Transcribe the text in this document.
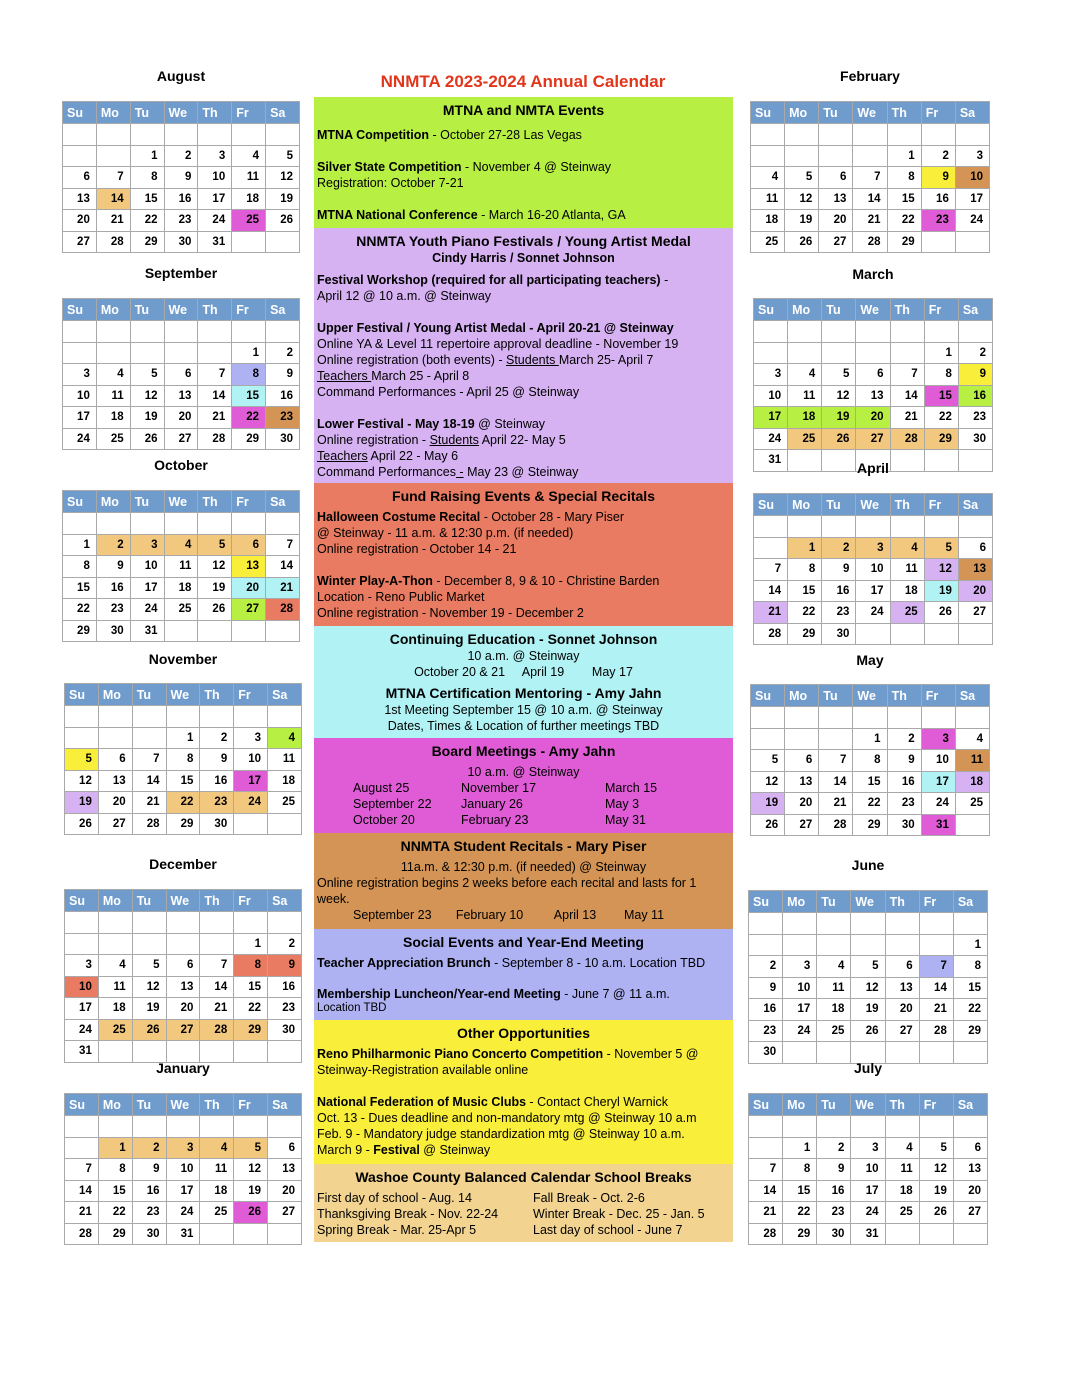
NNMTA 2023-2024 Annual Calendar
August
Su	Mo	Tu	We	Th	Fr	Sa

		1	2	3	4	5
6	7	8	9	10	11	12
13	14	15	16	17	18	19
20	21	22	23	24	25	26
27	28	29	30	31		
September
Su	Mo	Tu	We	Th	Fr	Sa

					1	2
3	4	5	6	7	8	9
10	11	12	13	14	15	16
17	18	19	20	21	22	23
24	25	26	27	28	29	30
October
Su	Mo	Tu	We	Th	Fr	Sa

1	2	3	4	5	6	7
8	9	10	11	12	13	14
15	16	17	18	19	20	21
22	23	24	25	26	27	28
29	30	31				
November
Su	Mo	Tu	We	Th	Fr	Sa

			1	2	3	4
5	6	7	8	9	10	11
12	13	14	15	16	17	18
19	20	21	22	23	24	25
26	27	28	29	30		
December
Su	Mo	Tu	We	Th	Fr	Sa

					1	2
3	4	5	6	7	8	9
10	11	12	13	14	15	16
17	18	19	20	21	22	23
24	25	26	27	28	29	30
31						
January
Su	Mo	Tu	We	Th	Fr	Sa

	1	2	3	4	5	6
7	8	9	10	11	12	13
14	15	16	17	18	19	20
21	22	23	24	25	26	27
28	29	30	31			
February
Su	Mo	Tu	We	Th	Fr	Sa

				1	2	3
4	5	6	7	8	9	10
11	12	13	14	15	16	17
18	19	20	21	22	23	24
25	26	27	28	29		
March
Su	Mo	Tu	We	Th	Fr	Sa

					1	2
3	4	5	6	7	8	9
10	11	12	13	14	15	16
17	18	19	20	21	22	23
24	25	26	27	28	29	30
31							April
Su	Mo	Tu	We	Th	Fr	Sa

	1	2	3	4	5	6
7	8	9	10	11	12	13
14	15	16	17	18	19	20
21	22	23	24	25	26	27
28	29	30				
May
Su	Mo	Tu	We	Th	Fr	Sa

			1	2	3	4
5	6	7	8	9	10	11
12	13	14	15	16	17	18
19	20	21	22	23	24	25
26	27	28	29	30	31	
June
Su	Mo	Tu	We	Th	Fr	Sa

						1
2	3	4	5	6	7	8
9	10	11	12	13	14	15
16	17	18	19	20	21	22
23	24	25	26	27	28	29
30						
July
Su	Mo	Tu	We	Th	Fr	Sa

	1	2	3	4	5	6
7	8	9	10	11	12	13
14	15	16	17	18	19	20
21	22	23	24	25	26	27
28	29	30	31			
MTNA and NMTA Events

MTNA Competition - October 27-28 Las Vegas

Silver State Competition - November 4 @ Steinway

Registration: October 7-21

MTNA National Conference - March 16-20 Atlanta, GA

NNMTA Youth Piano Festivals / Young Artist Medal
Cindy Harris / Sonnet Johnson

Festival Workshop (required for all participating teachers) -

April 12 @ 10 a.m. @ Steinway

Upper Festival / Young Artist Medal - April 20-21 @ Steinway

Online YA & Level 11 repertoire approval deadline - November 19

Online registration (both events) - Students March 25- April 7

Teachers March 25 - April 8

Command Performances - April 25 @ Steinway

Lower Festival - May 18-19 @ Steinway

Online registration - Students April 22- May 5

Teachers April 22 - May 6

Command Performances - May 23 @ Steinway

Fund Raising Events & Special Recitals

Halloween Costume Recital - October 28 - Mary Piser

@ Steinway - 11 a.m. & 12:30 p.m. (if needed)

Online registration - October 14 - 21

Winter Play-A-Thon - December 8, 9 & 10 - Christine Barden

Location - Reno Public Market

Online registration - November 19 - December 2

Continuing Education - Sonnet Johnson

10 a.m. @ Steinway

October 20 & 21     April 19        May 17

MTNA Certification Mentoring - Amy Jahn

1st Meeting September 15 @ 10 a.m. @ Steinway

Dates, Times & Location of further meetings TBD

Board Meetings - Amy Jahn

10 a.m. @ Steinway

August 25	November 17	March 15
September 22	January 26	May 3
October 20	February 23	May 31
NNMTA Student Recitals - Mary Piser

11a.m. & 12:30 p.m. (if needed) @ Steinway

Online registration begins 2 weeks before each recital and lasts for 1

week.

September 23       February 10         April 13        May 11

Social Events and Year-End Meeting

Teacher Appreciation Brunch - September 8 - 10 a.m. Location TBD

Membership Luncheon/Year-end Meeting - June 7 @ 11 a.m.

Location TBD

Other Opportunities

Reno Philharmonic Piano Concerto Competition - November 5 @

Steinway-Registration available online

National Federation of Music Clubs - Contact Cheryl Warnick

Oct. 13 - Dues deadline and non-mandatory mtg @ Steinway 10 a.m

Feb. 9 - Mandatory judge standardization mtg @ Steinway 10 a.m.

March 9 - Festival @ Steinway

Washoe County Balanced Calendar School Breaks
First day of school - Aug. 14	Fall Break - Oct. 2-6
Thanksgiving Break - Nov. 22-24	Winter Break - Dec. 25 - Jan. 5
Spring Break - Mar. 25-Apr 5	Last day of school - June 7
